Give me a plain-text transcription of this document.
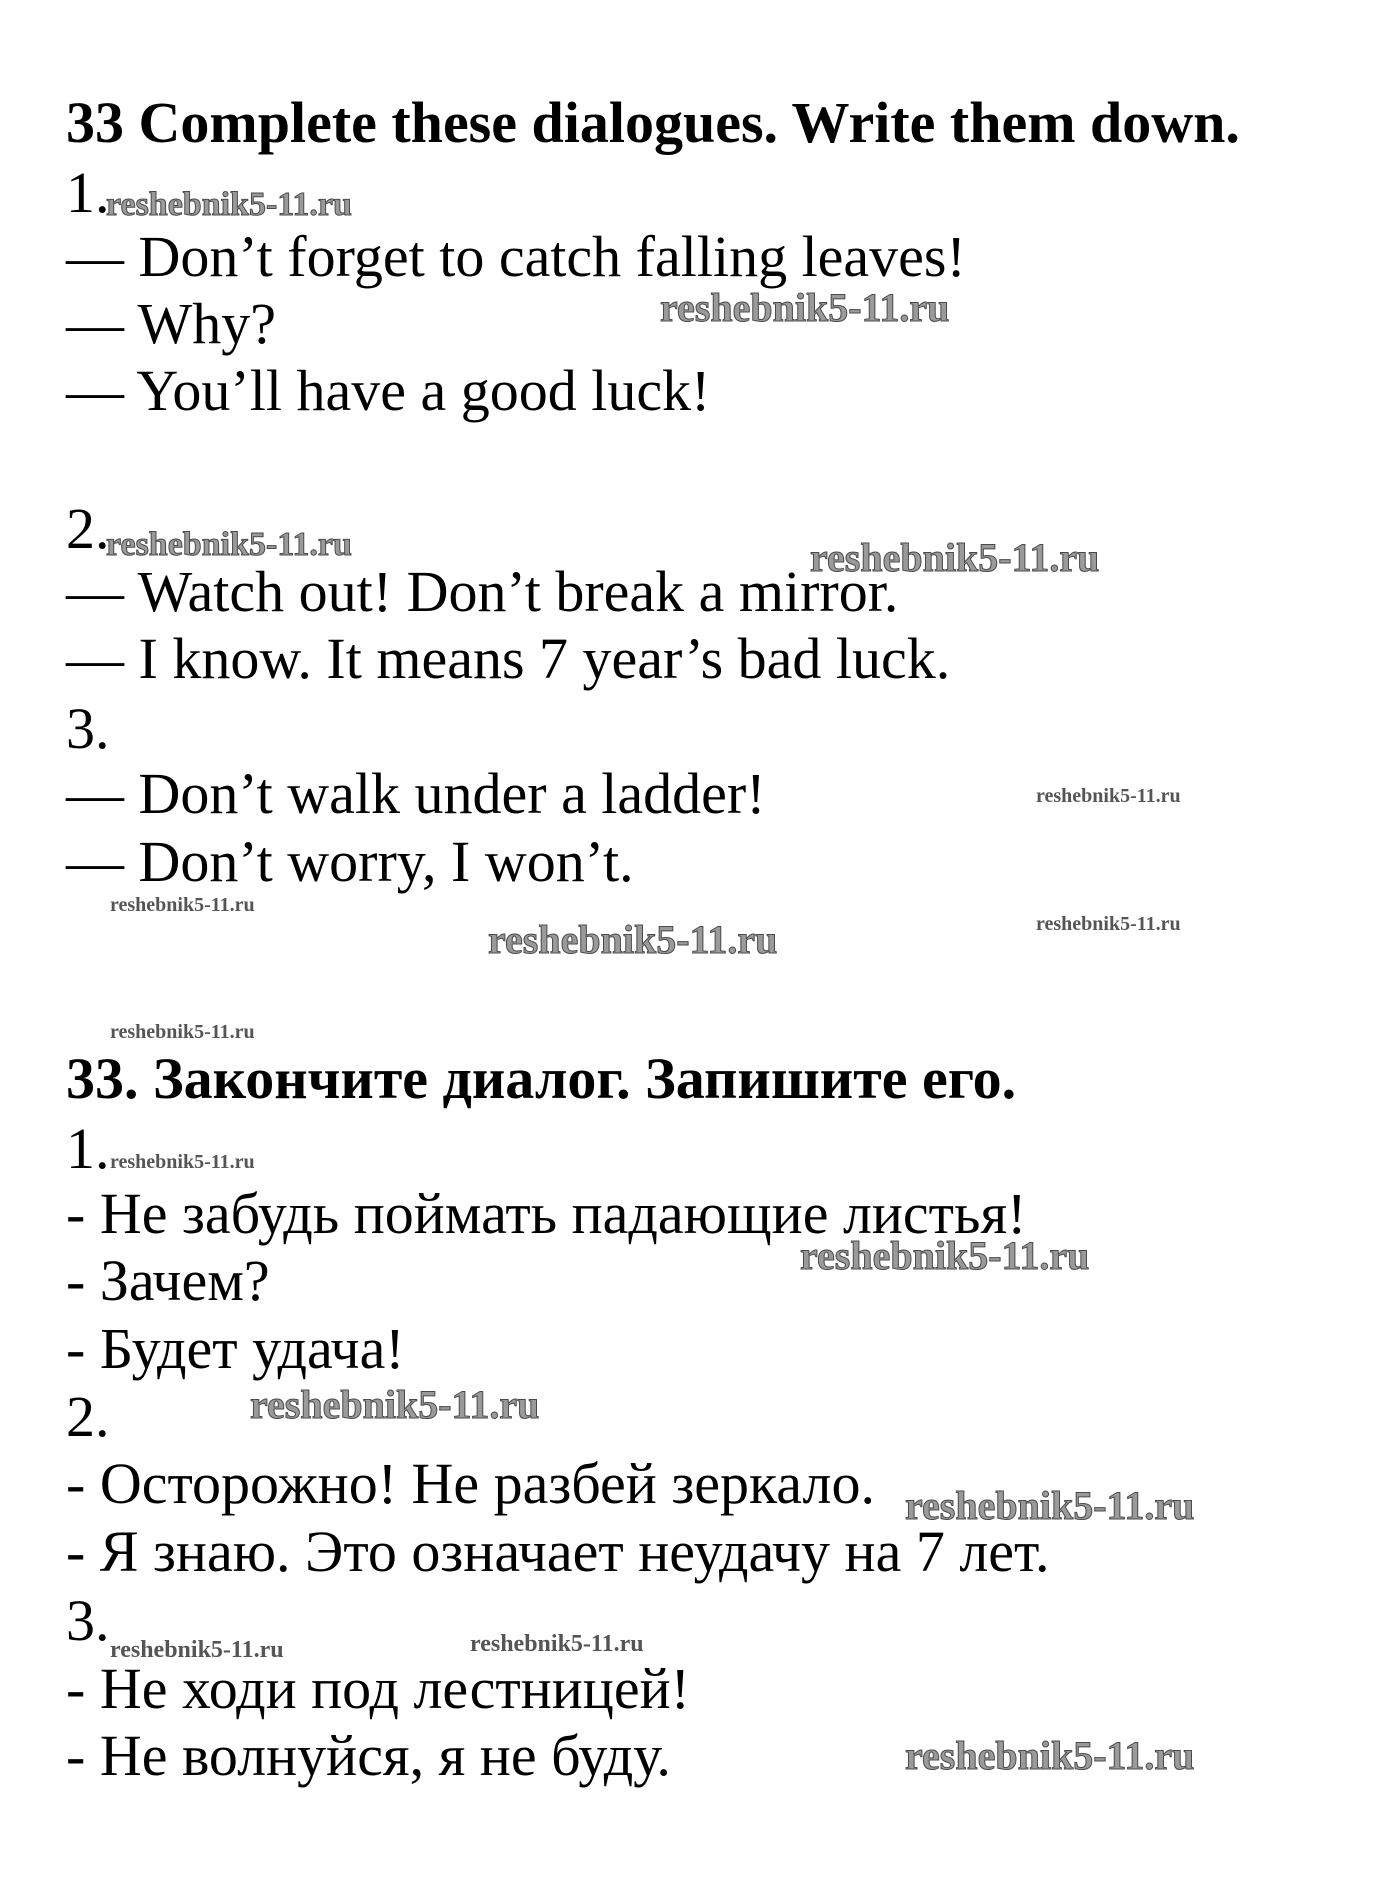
33 Complete these dialogues. Write them down.
1.
— Don’t forget to catch falling leaves!
— Why?
— You’ll have a good luck!
2.
— Watch out! Don’t break a mirror.
— I know. It means 7 year’s bad luck.
3.
— Don’t walk under a ladder!
— Don’t worry, I won’t.
33. Закончите диалог. Запишите его.
1.
- Не забудь поймать падающие листья!
- Зачем?
- Будет удача!
2.
- Осторожно! Не разбей зеркало.
- Я знаю. Это означает неудачу на 7 лет.
3.
- Не ходи под лестницей!
- Не волнуйся, я не буду.
reshebnik5-11.ru
reshebnik5-11.ru
reshebnik5-11.ru	reshebnik5-11.ru
reshebnik5-11.ru
reshebnik5-11.ru
reshebnik5-11.ru	reshebnik5-11.ru
reshebnik5-11.ru
reshebnik5-11.ru
reshebnik5-11.ru
reshebnik5-11.ru
reshebnik5-11.ru
reshebnik5-11.ru	reshebnik5-11.ru
reshebnik5-11.ru
